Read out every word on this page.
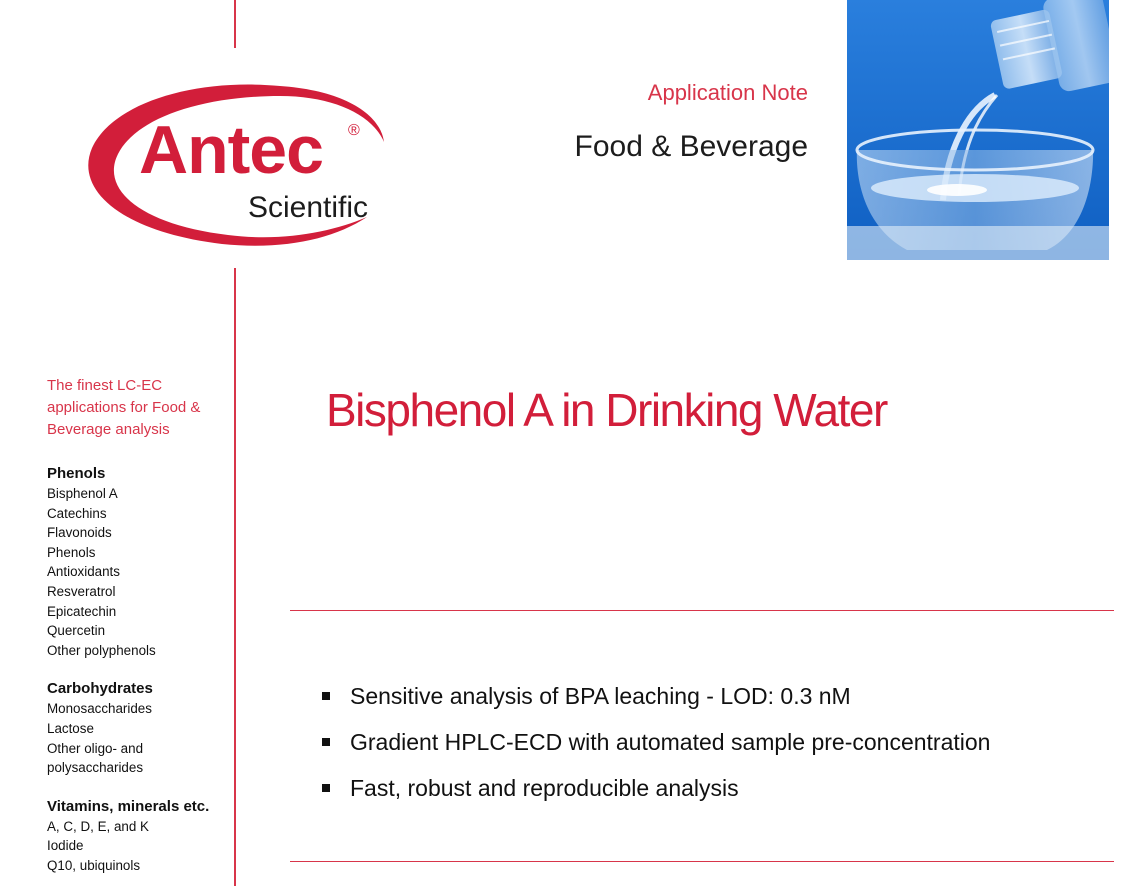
Antec ®
Scientific
Application Note
Food & Beverage
The finest LC-EC applications for Food & Beverage analysis
Phenols
Bisphenol A
Catechins
Flavonoids
Phenols
Antioxidants
Resveratrol
Epicatechin
Quercetin
Other polyphenols
Carbohydrates
Monosaccharides
Lactose
Other oligo- and
polysaccharides
Vitamins, minerals etc.
A, C, D, E, and K
Iodide
Q10, ubiquinols
Bisphenol A in Drinking Water
Sensitive analysis of BPA leaching - LOD: 0.3 nM
Gradient HPLC-ECD with automated sample pre-concentration
Fast, robust and reproducible analysis
